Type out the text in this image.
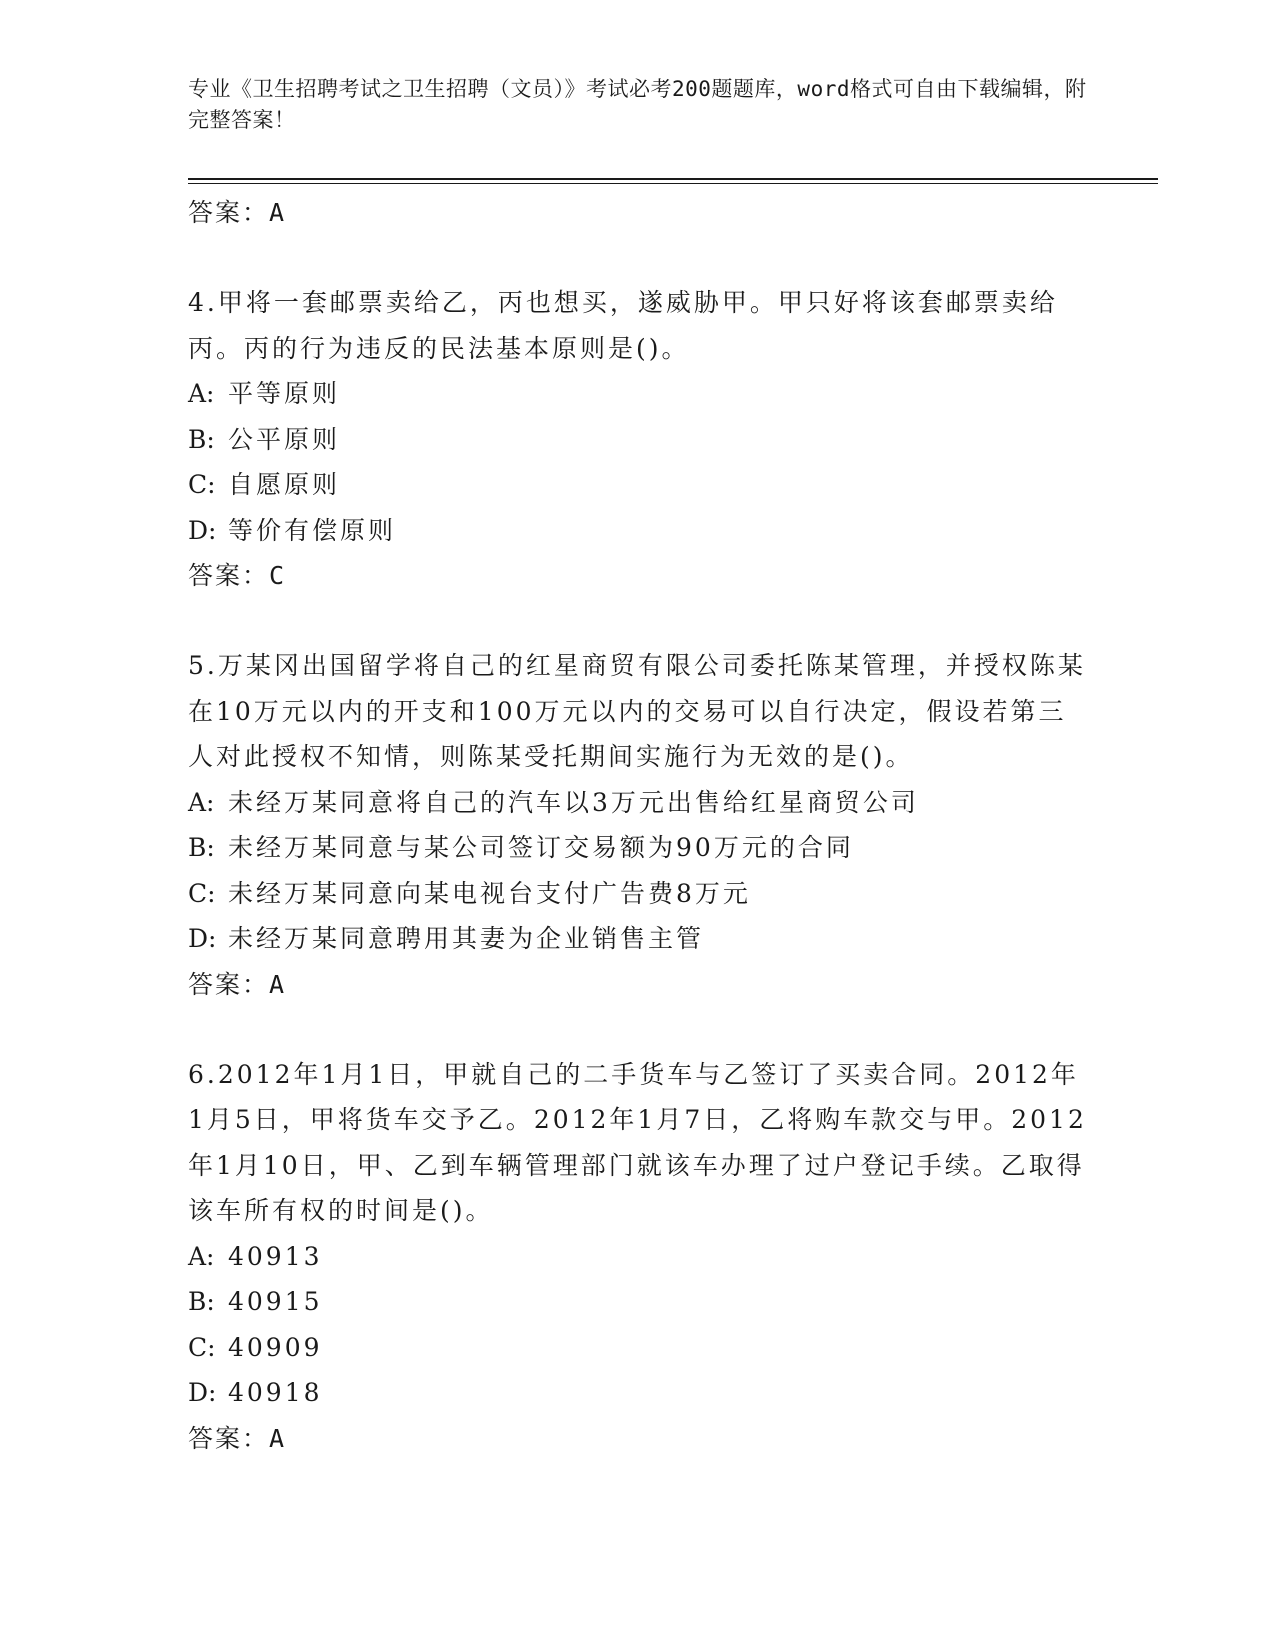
专业《卫生招聘考试之卫生招聘（文员）》考试必考200题题库，word格式可自由下载编辑，附完整答案！
答案：A
4.甲将一套邮票卖给乙，丙也想买，遂威胁甲。甲只好将该套邮票卖给丙。丙的行为违反的民法基本原则是()。
A: 平等原则
B: 公平原则
C: 自愿原则
D: 等价有偿原则
答案：C
5.万某冈出国留学将自己的红星商贸有限公司委托陈某管理，并授权陈某在10万元以内的开支和100万元以内的交易可以自行决定，假设若第三人对此授权不知情，则陈某受托期间实施行为无效的是()。
A: 未经万某同意将自己的汽车以3万元出售给红星商贸公司
B: 未经万某同意与某公司签订交易额为90万元的合同
C: 未经万某同意向某电视台支付广告费8万元
D: 未经万某同意聘用其妻为企业销售主管
答案：A
6.2012年1月1日，甲就自己的二手货车与乙签订了买卖合同。2012年1月5日，甲将货车交予乙。2012年1月7日，乙将购车款交与甲。2012年1月10日，甲、乙到车辆管理部门就该车办理了过户登记手续。乙取得该车所有权的时间是()。
A: 40913
B: 40915
C: 40909
D: 40918
答案：A
